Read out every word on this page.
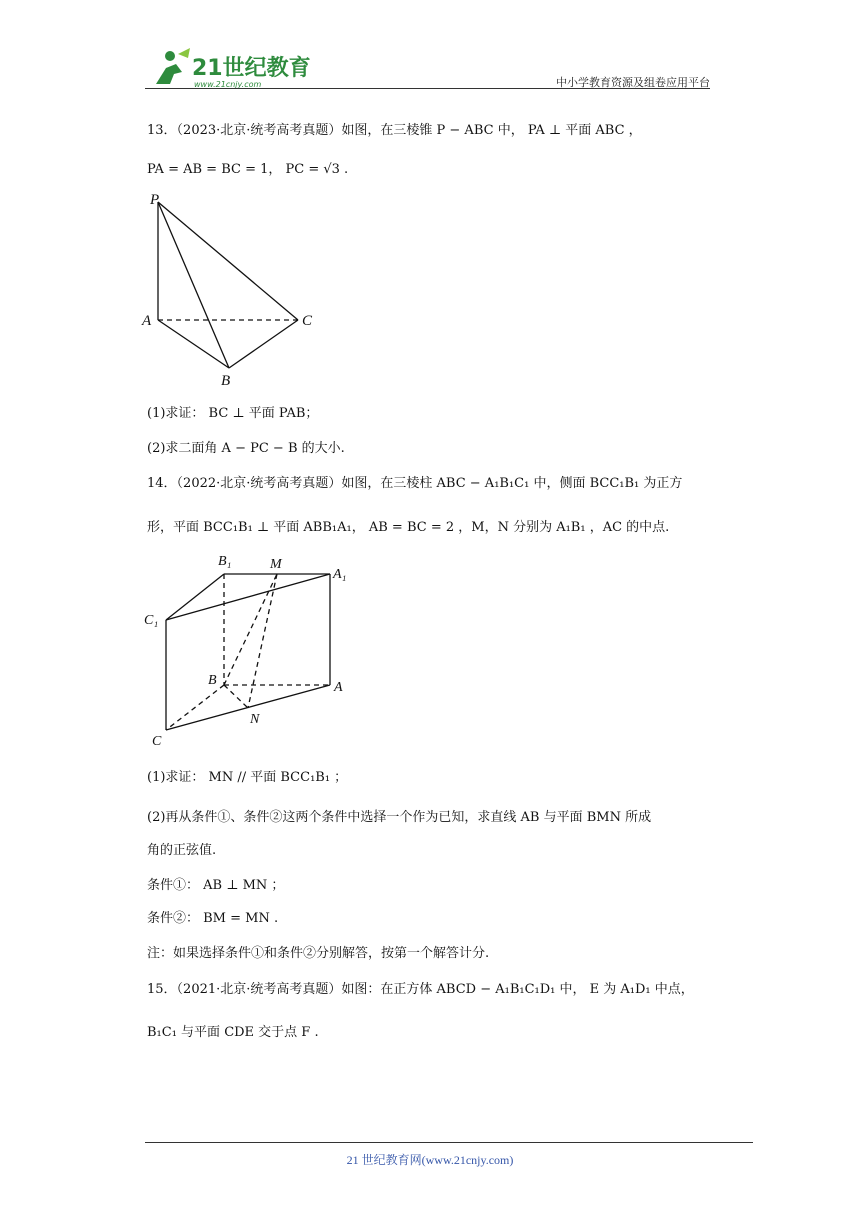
21世纪教育
www.21cnjy.com	中小学教育资源及组卷应用平台
13．（2023·北京·统考高考真题）如图，在三棱锥 P − ABC 中， PA ⊥ 平面 ABC ，
PA = AB = BC = 1， PC = √3 .
P
A	C
B
(1)求证： BC ⊥ 平面 PAB；
(2)求二面角 A − PC − B 的大小.
14．（2022·北京·统考高考真题）如图，在三棱柱 ABC − A₁B₁C₁ 中，侧面 BCC₁B₁ 为正方
形，平面 BCC₁B₁ ⊥ 平面 ABB₁A₁， AB = BC = 2 ，M，N 分别为 A₁B₁ ，AC 的中点.
B₁	M
A₁
C₁
B	A
N
C
(1)求证： MN // 平面 BCC₁B₁ ；
(2)再从条件①、条件②这两个条件中选择一个作为已知，求直线 AB 与平面 BMN 所成
角的正弦值.
条件①： AB ⊥ MN ；
条件②： BM = MN .
注：如果选择条件①和条件②分别解答，按第一个解答计分.
15．（2021·北京·统考高考真题）如图：在正方体 ABCD − A₁B₁C₁D₁ 中， E 为 A₁D₁ 中点，
B₁C₁ 与平面 CDE 交于点 F .
21 世纪教育网(www.21cnjy.com)
